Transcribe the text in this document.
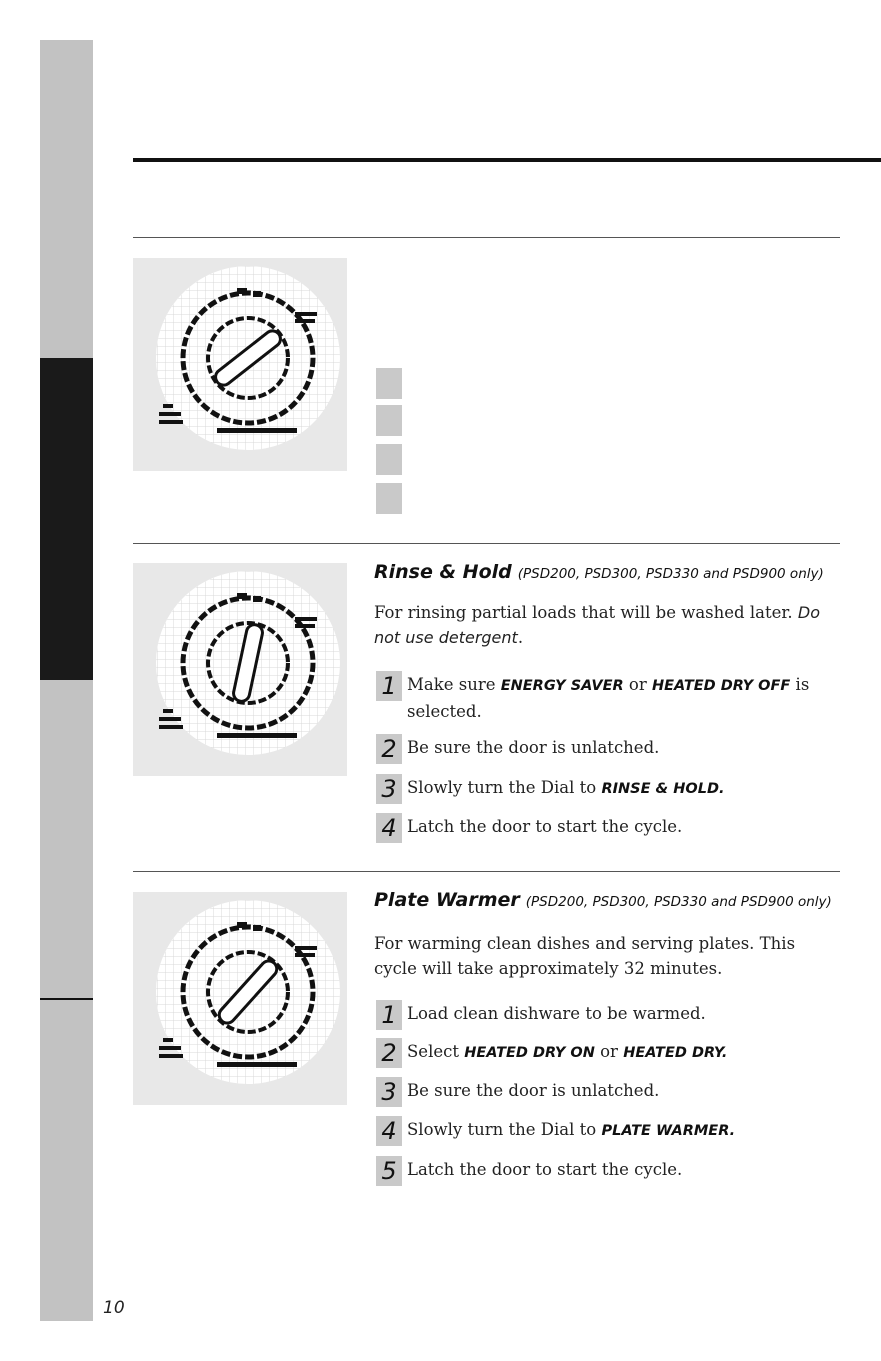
Rinse & Hold (PSD200, PSD300, PSD330 and PSD900 only)
For rinsing partial loads that will be washed later. Do not use detergent.
1 Make sure ENERGY SAVER or HEATED DRY OFF is selected.
2 Be sure the door is unlatched.
3 Slowly turn the Dial to RINSE & HOLD.
4 Latch the door to start the cycle.
Plate Warmer (PSD200, PSD300, PSD330 and PSD900 only)
For warming clean dishes and serving plates. This cycle will take approximately 32 minutes.
1 Load clean dishware to be warmed.
2 Select HEATED DRY ON or HEATED DRY.
3 Be sure the door is unlatched.
4 Slowly turn the Dial to PLATE WARMER.
5 Latch the door to start the cycle.
10
